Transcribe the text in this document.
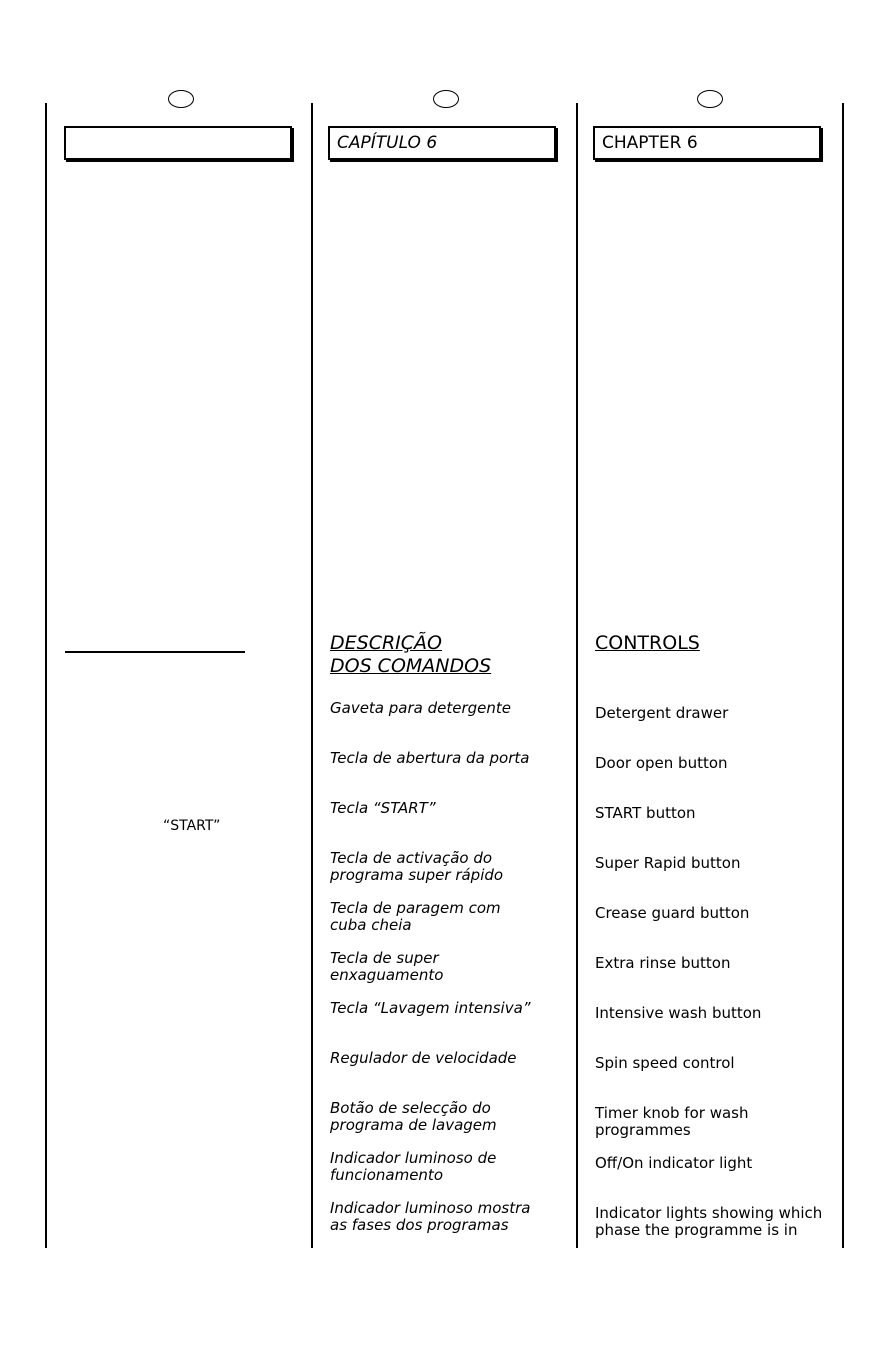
CAPÍTULO 6	CHAPTER 6
“START”
DESCRIÇÃO
DOS COMANDOS
CONTROLS
Gaveta para detergente
Tecla de abertura da porta
Tecla “START”
Tecla de activação do
programa super rápido
Tecla de paragem com
cuba cheia
Tecla de super
enxaguamento
Tecla “Lavagem intensiva”
Regulador de velocidade
Botão de selecção do
programa de lavagem
Indicador luminoso de
funcionamento
Indicador luminoso mostra
as fases dos programas
Detergent drawer
Door open button
START button
Super Rapid button
Crease guard button
Extra rinse button
Intensive wash button
Spin speed control
Timer knob for wash
programmes
Off/On indicator light
Indicator lights showing which
phase the programme is in
